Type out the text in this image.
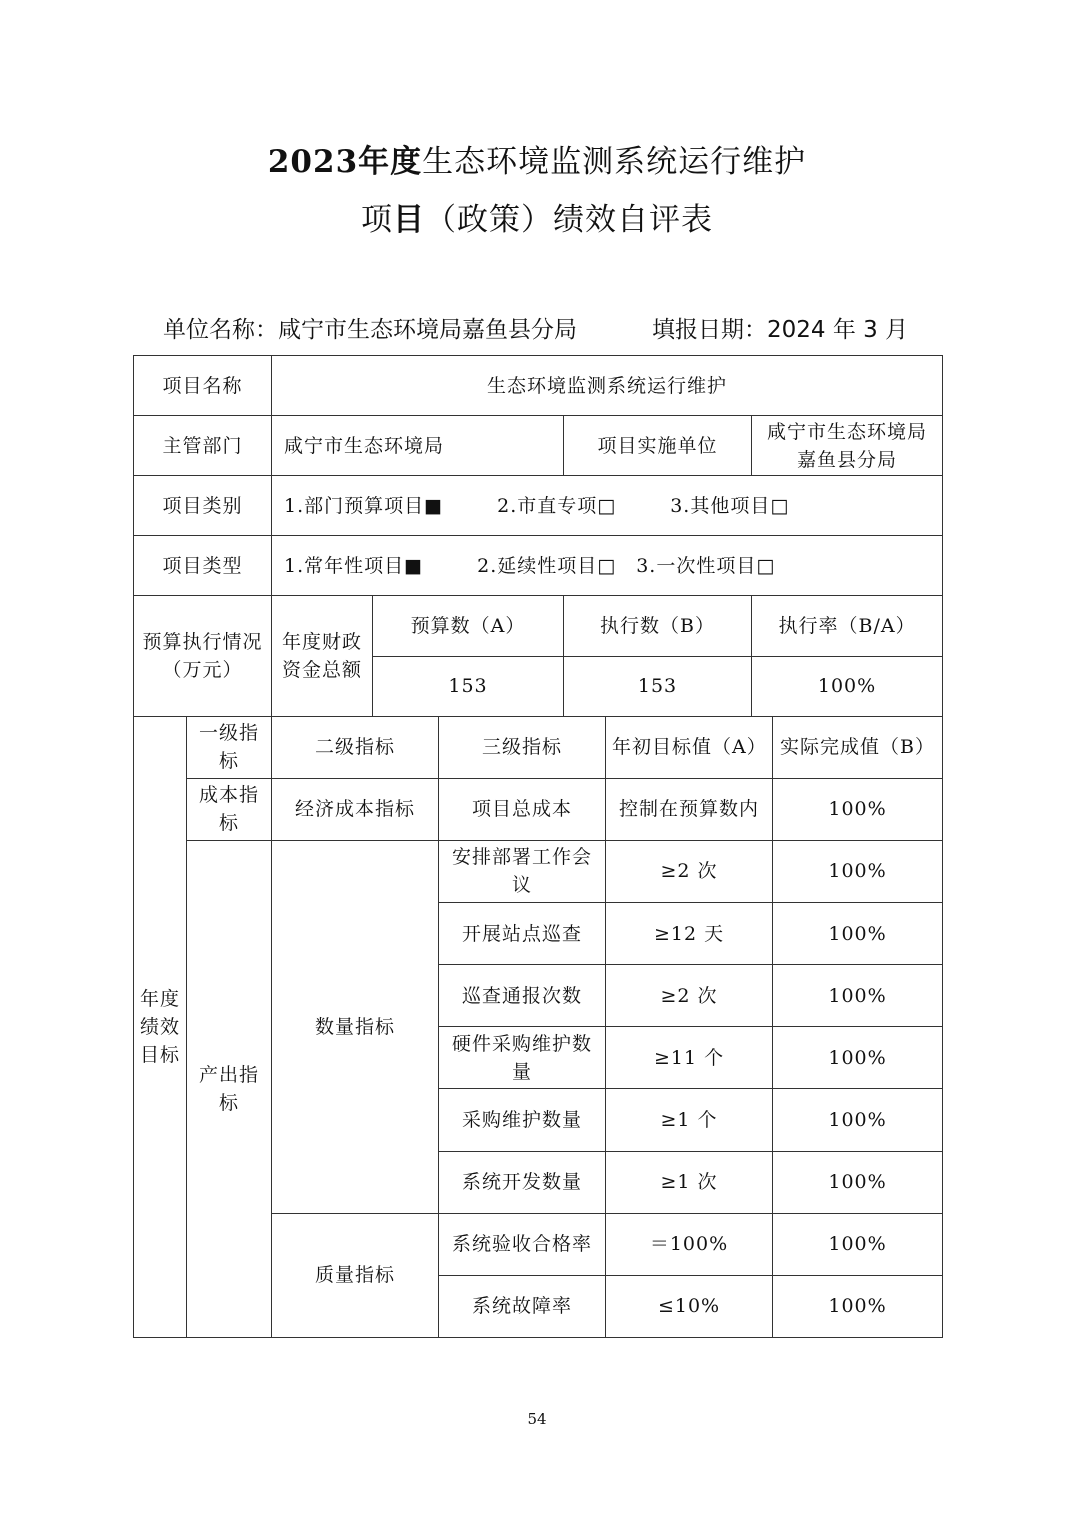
2023年度生态环境监测系统运行维护
项目（政策）绩效自评表
单位名称：咸宁市生态环境局嘉鱼县分局	填报日期：2024 年 3 月
项目名称		生态环境监测系统运行维护						
主管部门		咸宁市生态环境局			项目实施单位		咸宁市生态环境局嘉鱼县分局	
项目类别		1.部门预算项目■ 2.市直专项□ 3.其他项目□						
项目类型		1.常年性项目■ 2.延续性项目□ 3.一次性项目□						
预算执行情况（万元）		年度财政资金总额	预算数（A）		执行数（B）		执行率（B/A）	
			153		153		100%	
年度绩效目标	一级指标	二级指标		三级指标		年初目标值（A）		实际完成值（B）
	成本指标	经济成本指标		项目总成本		控制在预算数内		100%
	产出指标	数量指标		安排部署工作会议		≥2 次		100%
				开展站点巡查		≥12 天		100%
				巡查通报次数		≥2 次		100%
				硬件采购维护数量		≥11 个		100%
				采购维护数量		≥1 个		100%
				系统开发数量		≥1 次		100%
		质量指标		系统验收合格率		＝100%		100%
				系统故障率		≤10%		100%
54
